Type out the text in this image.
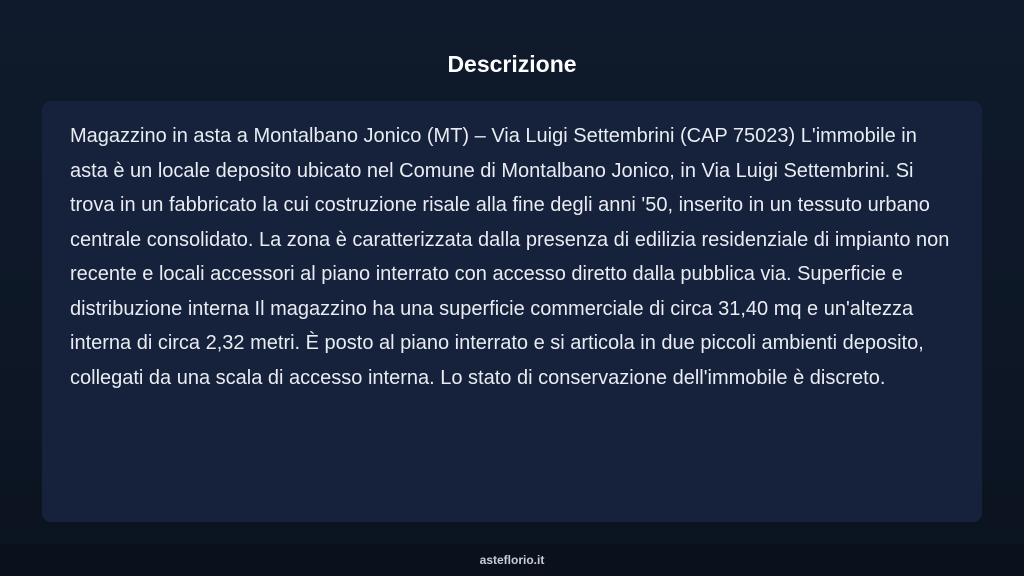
Descrizione

Magazzino in asta a Montalbano Jonico (MT) – Via Luigi Settembrini (CAP 75023) L'immobile in asta è un locale deposito ubicato nel Comune di Montalbano Jonico, in Via Luigi Settembrini. Si trova in un fabbricato la cui costruzione risale alla fine degli anni '50, inserito in un tessuto urbano centrale consolidato. La zona è caratterizzata dalla presenza di edilizia residenziale di impianto non recente e locali accessori al piano interrato con accesso diretto dalla pubblica via. Superficie e distribuzione interna Il magazzino ha una superficie commerciale di circa 31,40 mq e un'altezza interna di circa 2,32 metri. È posto al piano interrato e si articola in due piccoli ambienti deposito, collegati da una scala di accesso interna. Lo stato di conservazione dell'immobile è discreto.

asteflorio.it
